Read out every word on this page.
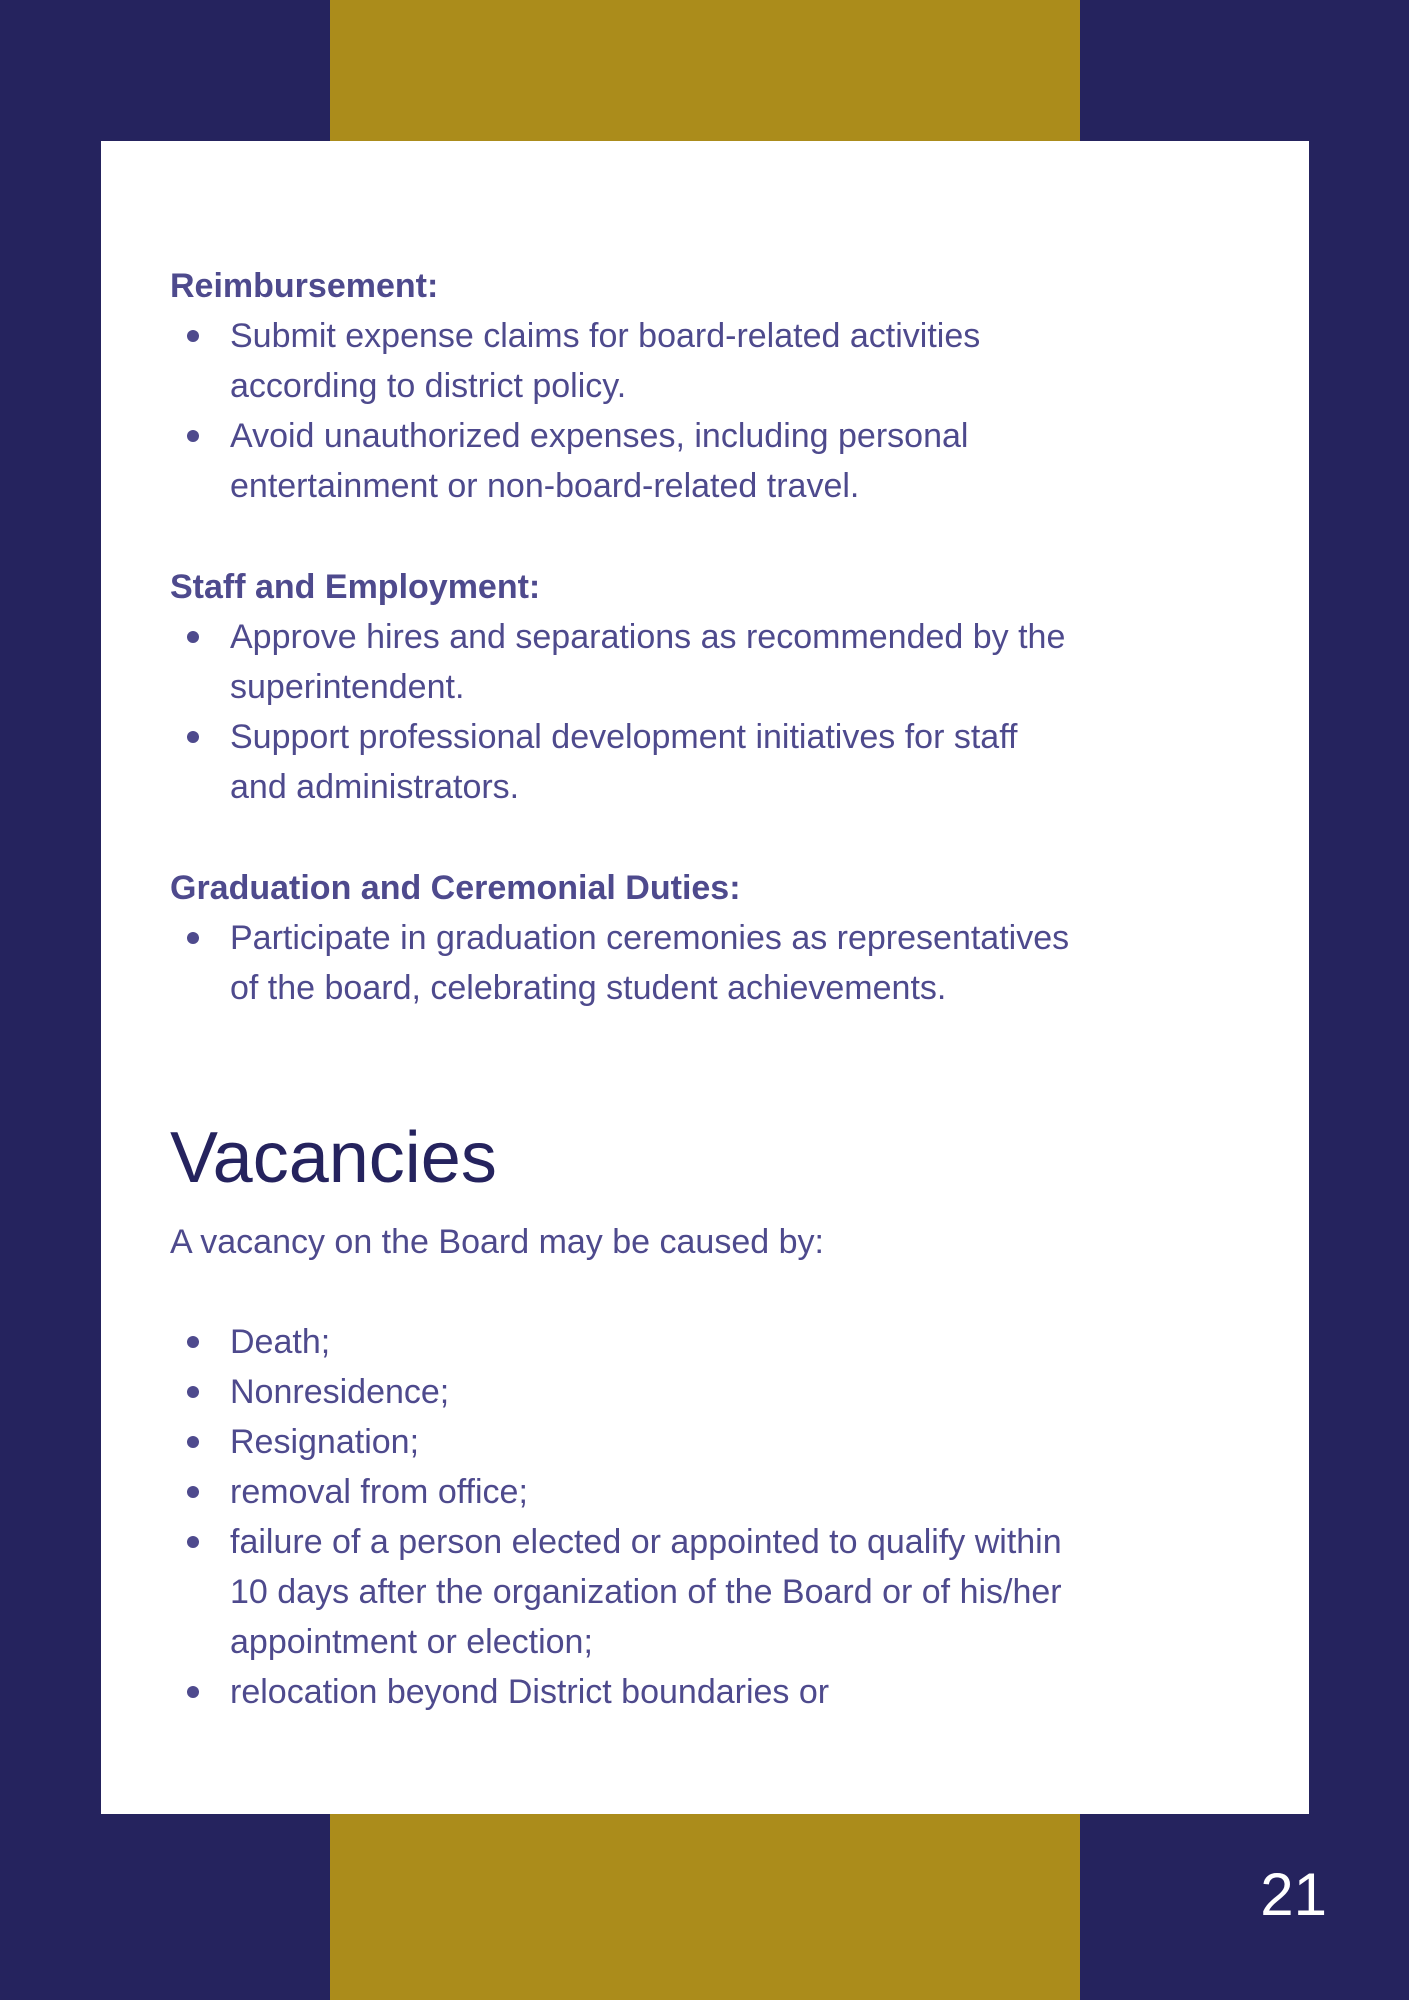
Reimbursement:
Submit expense claims for board-related activities
according to district policy.
Avoid unauthorized expenses, including personal
entertainment or non-board-related travel.
Staff and Employment:
Approve hires and separations as recommended by the
superintendent.
Support professional development initiatives for staff
and administrators.
Graduation and Ceremonial Duties:
Participate in graduation ceremonies as representatives
of the board, celebrating student achievements.
Vacancies

A vacancy on the Board may be caused by:

Death;
Nonresidence;
Resignation;
removal from office;
failure of a person elected or appointed to qualify within
10 days after the organization of the Board or of his/her
appointment or election;
relocation beyond District boundaries or
21
